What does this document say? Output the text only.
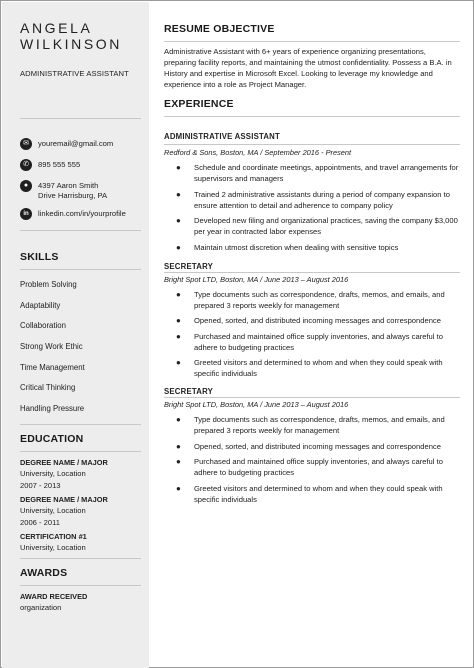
ANGELA
WILKINSON
ADMINISTRATIVE ASSISTANT
✉	youremail@gmail.com
✆	895 555 555
●	4397 Aaron Smith
Drive Harrisburg, PA
in	linkedin.com/in/yourprofile
SKILLS
Problem Solving
Adaptability
Collaboration
Strong Work Ethic
Time Management
Critical Thinking
Handling Pressure
EDUCATION
DEGREE NAME / MAJOR
University, Location
2007 - 2013
DEGREE NAME / MAJOR
University, Location
2006 - 2011
CERTIFICATION #1
University, Location
AWARDS
AWARD RECEIVED
organization
RESUME OBJECTIVE
Administrative Assistant with 6+ years of experience organizing presentations, preparing facility reports, and maintaining the utmost confidentiality. Possess a B.A. in History and expertise in Microsoft Excel. Looking to leverage my knowledge and experience into a role as Project Manager.
EXPERIENCE
ADMINISTRATIVE ASSISTANT
Redford & Sons, Boston, MA / September 2016 - Present
● Schedule and coordinate meetings, appointments, and travel arrangements for supervisors and managers
● Trained 2 administrative assistants during a period of company expansion to ensure attention to detail and adherence to company policy
● Developed new filing and organizational practices, saving the company $3,000 per year in contracted labor expenses
● Maintain utmost discretion when dealing with sensitive topics
SECRETARY
Bright Spot LTD, Boston, MA / June 2013 – August 2016
● Type documents such as correspondence, drafts, memos, and emails, and prepared 3 reports weekly for management
● Opened, sorted, and distributed incoming messages and correspondence
● Purchased and maintained office supply inventories, and always careful to adhere to budgeting practices
● Greeted visitors and determined to whom and when they could speak with specific individuals
SECRETARY
Bright Spot LTD, Boston, MA / June 2013 – August 2016
● Type documents such as correspondence, drafts, memos, and emails, and prepared 3 reports weekly for management
● Opened, sorted, and distributed incoming messages and correspondence
● Purchased and maintained office supply inventories, and always careful to adhere to budgeting practices
● Greeted visitors and determined to whom and when they could speak with specific individuals
